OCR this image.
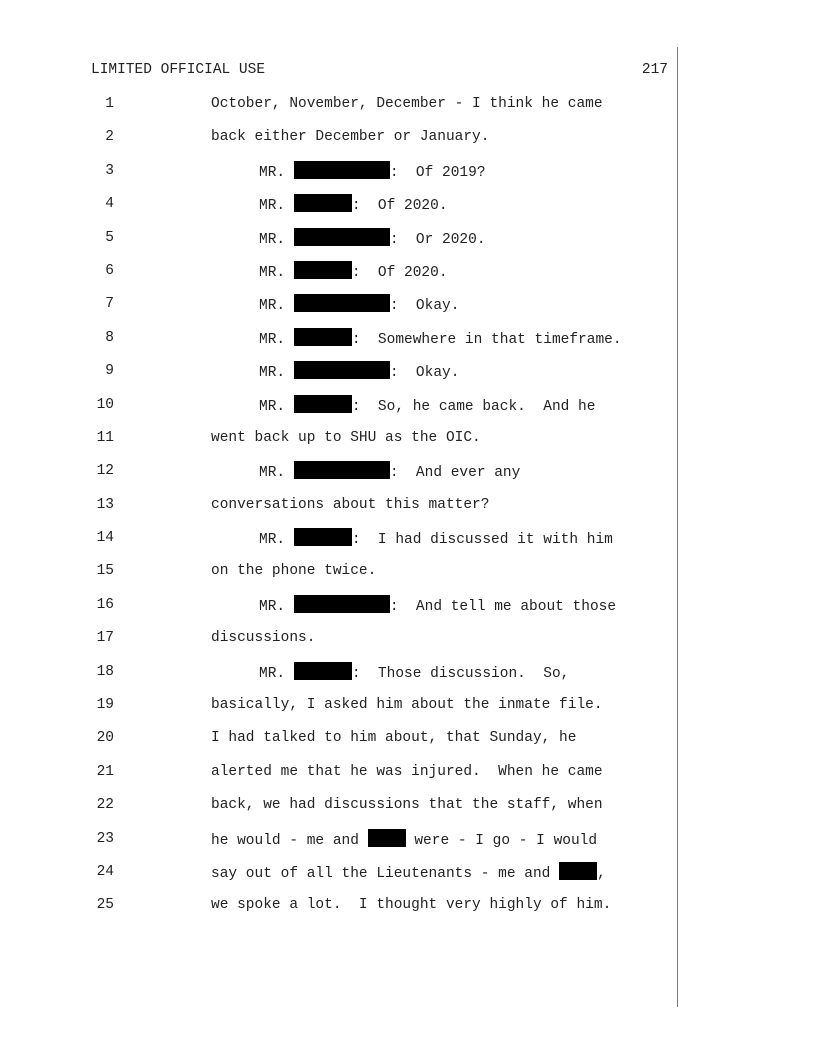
LIMITED OFFICIAL USE	217

1

	October, November, December - I think he came

2

	back either December or January.

3

	MR.	:  Of 2019?

4

	MR.	:  Of 2020.

5

	MR.	:  Or 2020.

6

	MR.	:  Of 2020.

7

	MR.	:  Okay.

8

	MR.	:  Somewhere in that timeframe.

9

	MR.	:  Okay.

10

	MR.	:  So, he came back.  And he

11

	went back up to SHU as the OIC.

12

	MR.	:  And ever any

13

	conversations about this matter?

14

	MR.	:  I had discussed it with him

15

	on the phone twice.

16

	MR.	:  And tell me about those

17

	discussions.

18

	MR.	:  Those discussion.  So,

19

	basically, I asked him about the inmate file.

20

	I had talked to him about, that Sunday, he

21

	alerted me that he was injured.  When he came

22

	back, we had discussions that the staff, when

23

	he would - me and	were - I go - I would

24

	say out of all the Lieutenants - me and	,

25

	we spoke a lot.  I thought very highly of him.
